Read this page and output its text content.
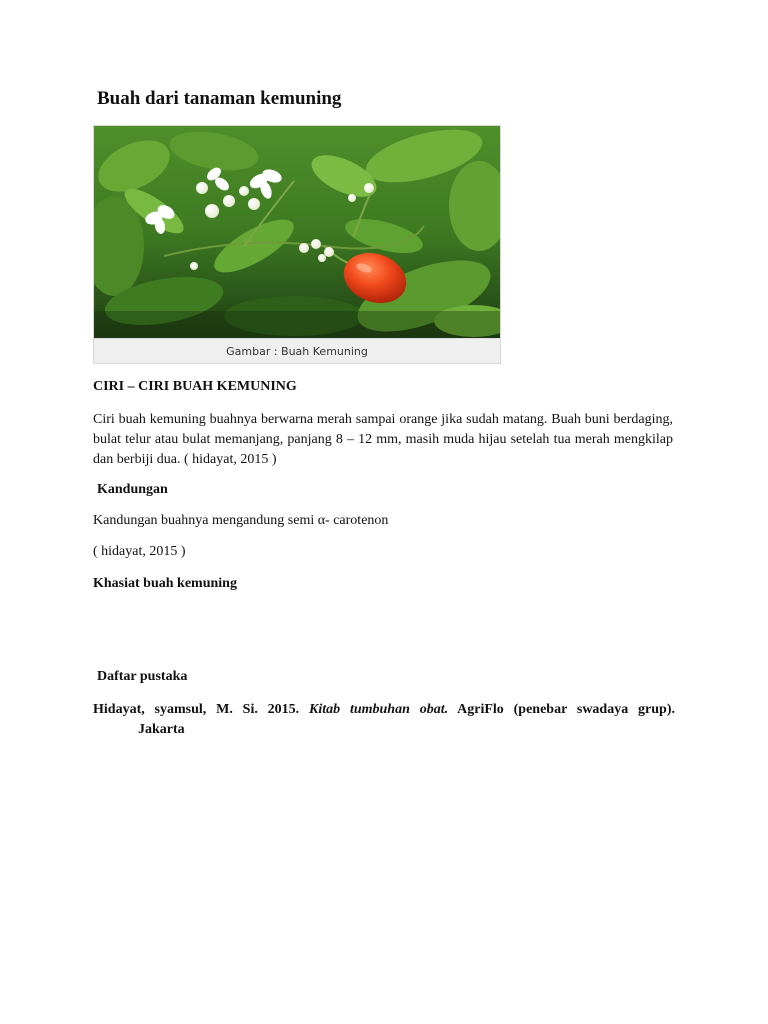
Buah dari tanaman kemuning
Gambar : Buah Kemuning
CIRI – CIRI BUAH KEMUNING

Ciri buah kemuning buahnya berwarna merah sampai orange jika sudah matang. Buah buni berdaging, bulat telur atau bulat memanjang, panjang 8 – 12 mm, masih muda hijau setelah tua merah mengkilap dan berbiji dua. ( hidayat, 2015 )

Kandungan

Kandungan buahnya mengandung semi α- carotenon

( hidayat, 2015 )

Khasiat buah kemuning
Daftar pustaka
Hidayat, syamsul, M. Si. 2015. Kitab tumbuhan obat. AgriFlo (penebar swadaya grup).
Jakarta
